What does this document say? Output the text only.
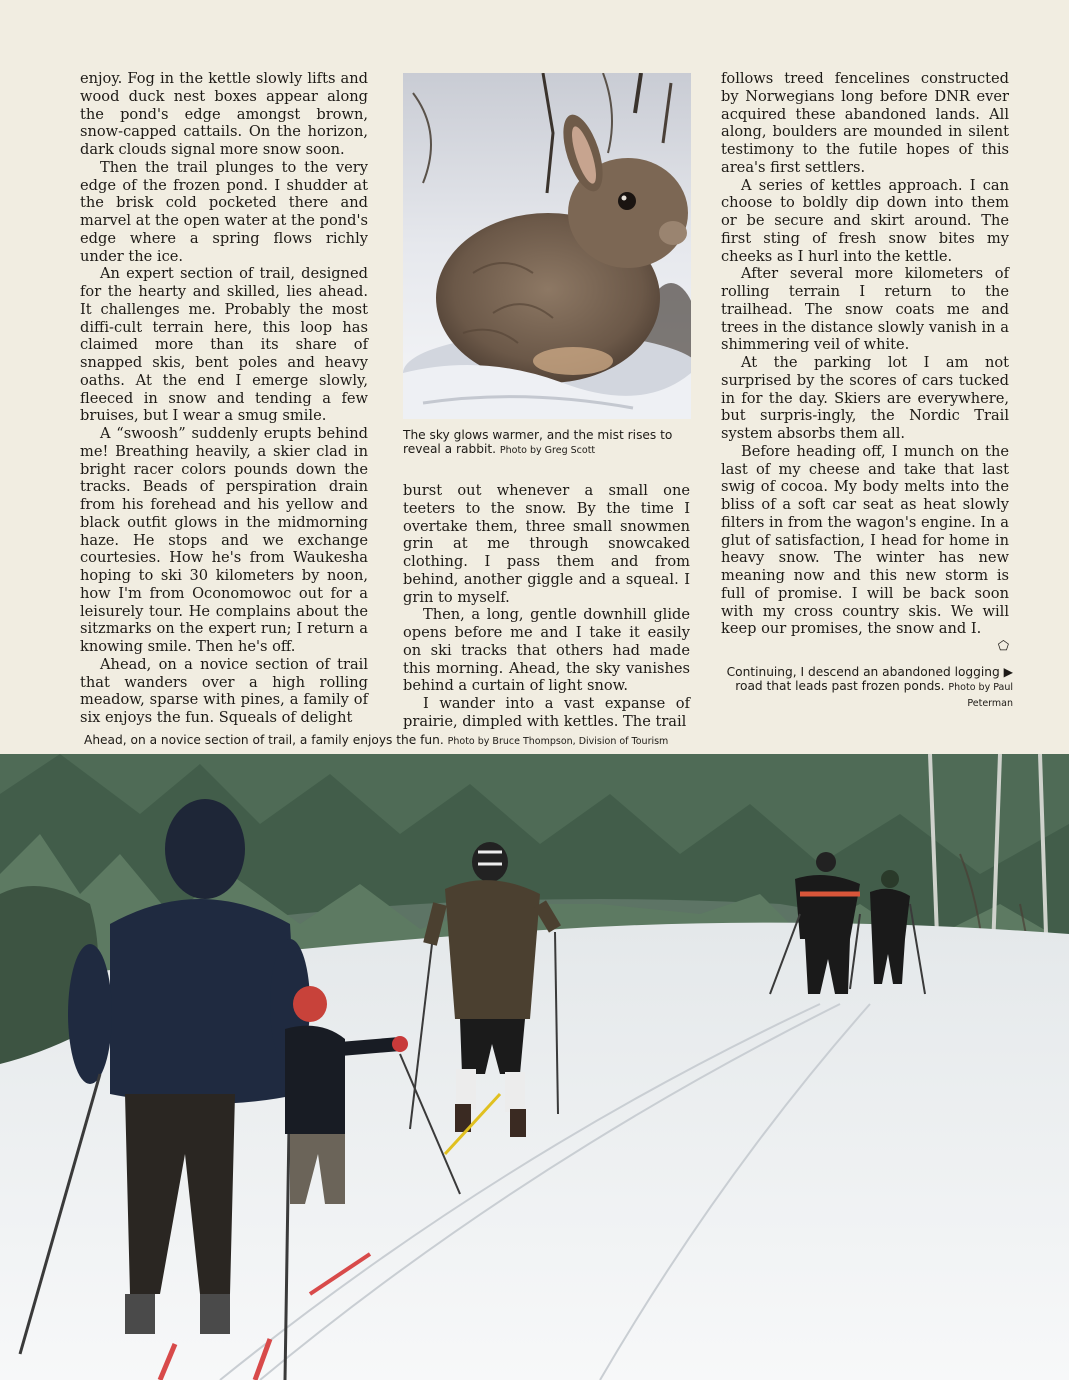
enjoy. Fog in the kettle slowly lifts and wood duck nest boxes appear along the pond's edge amongst brown, snow-capped cattails. On the horizon, dark clouds signal more snow soon.

Then the trail plunges to the very edge of the frozen pond. I shudder at the brisk cold pocketed there and marvel at the open water at the pond's edge where a spring flows richly under the ice.

An expert section of trail, designed for the hearty and skilled, lies ahead. It challenges me. Probably the most diffi-cult terrain here, this loop has claimed more than its share of snapped skis, bent poles and heavy oaths. At the end I emerge slowly, fleeced in snow and tending a few bruises, but I wear a smug smile.

A “swoosh” suddenly erupts behind me! Breathing heavily, a skier clad in bright racer colors pounds down the tracks. Beads of perspiration drain from his forehead and his yellow and black outfit glows in the midmorning haze. He stops and we exchange courtesies. How he's from Waukesha hoping to ski 30 kilometers by noon, how I'm from Oconomowoc out for a leisurely tour. He complains about the sitzmarks on the expert run; I return a knowing smile. Then he's off.

Ahead, on a novice section of trail that wanders over a high rolling meadow, sparse with pines, a family of six enjoys the fun. Squeals of delight

The sky glows warmer, and the mist rises to reveal a rabbit. Photo by Greg Scott

burst out whenever a small one teeters to the snow. By the time I overtake them, three small snowmen grin at me through snowcaked clothing. I pass them and from behind, another giggle and a squeal. I grin to myself.

Then, a long, gentle downhill glide opens before me and I take it easily on ski tracks that others had made this morning. Ahead, the sky vanishes behind a curtain of light snow.

I wander into a vast expanse of prairie, dimpled with kettles. The trail

follows treed fencelines constructed by Norwegians long before DNR ever acquired these abandoned lands. All along, boulders are mounded in silent testimony to the futile hopes of this area's first settlers.

A series of kettles approach. I can choose to boldly dip down into them or be secure and skirt around. The first sting of fresh snow bites my cheeks as I hurl into the kettle.

After several more kilometers of rolling terrain I return to the trailhead. The snow coats me and trees in the distance slowly vanish in a shimmering veil of white.

At the parking lot I am not surprised by the scores of cars tucked in for the day. Skiers are everywhere, but surpris-ingly, the Nordic Trail system absorbs them all.

Before heading off, I munch on the last of my cheese and take that last swig of cocoa. My body melts into the bliss of a soft car seat as heat slowly filters in from the wagon's engine. In a glut of satisfaction, I head for home in heavy snow. The winter has new meaning now and this new storm is full of promise. I will be back soon with my cross country skis. We will keep our promises, the snow and I.

⬠

Continuing, I descend an abandoned logging ▶ road that leads past frozen ponds. Photo by Paul Peterman
Ahead, on a novice section of trail, a family enjoys the fun. Photo by Bruce Thompson, Division of Tourism
